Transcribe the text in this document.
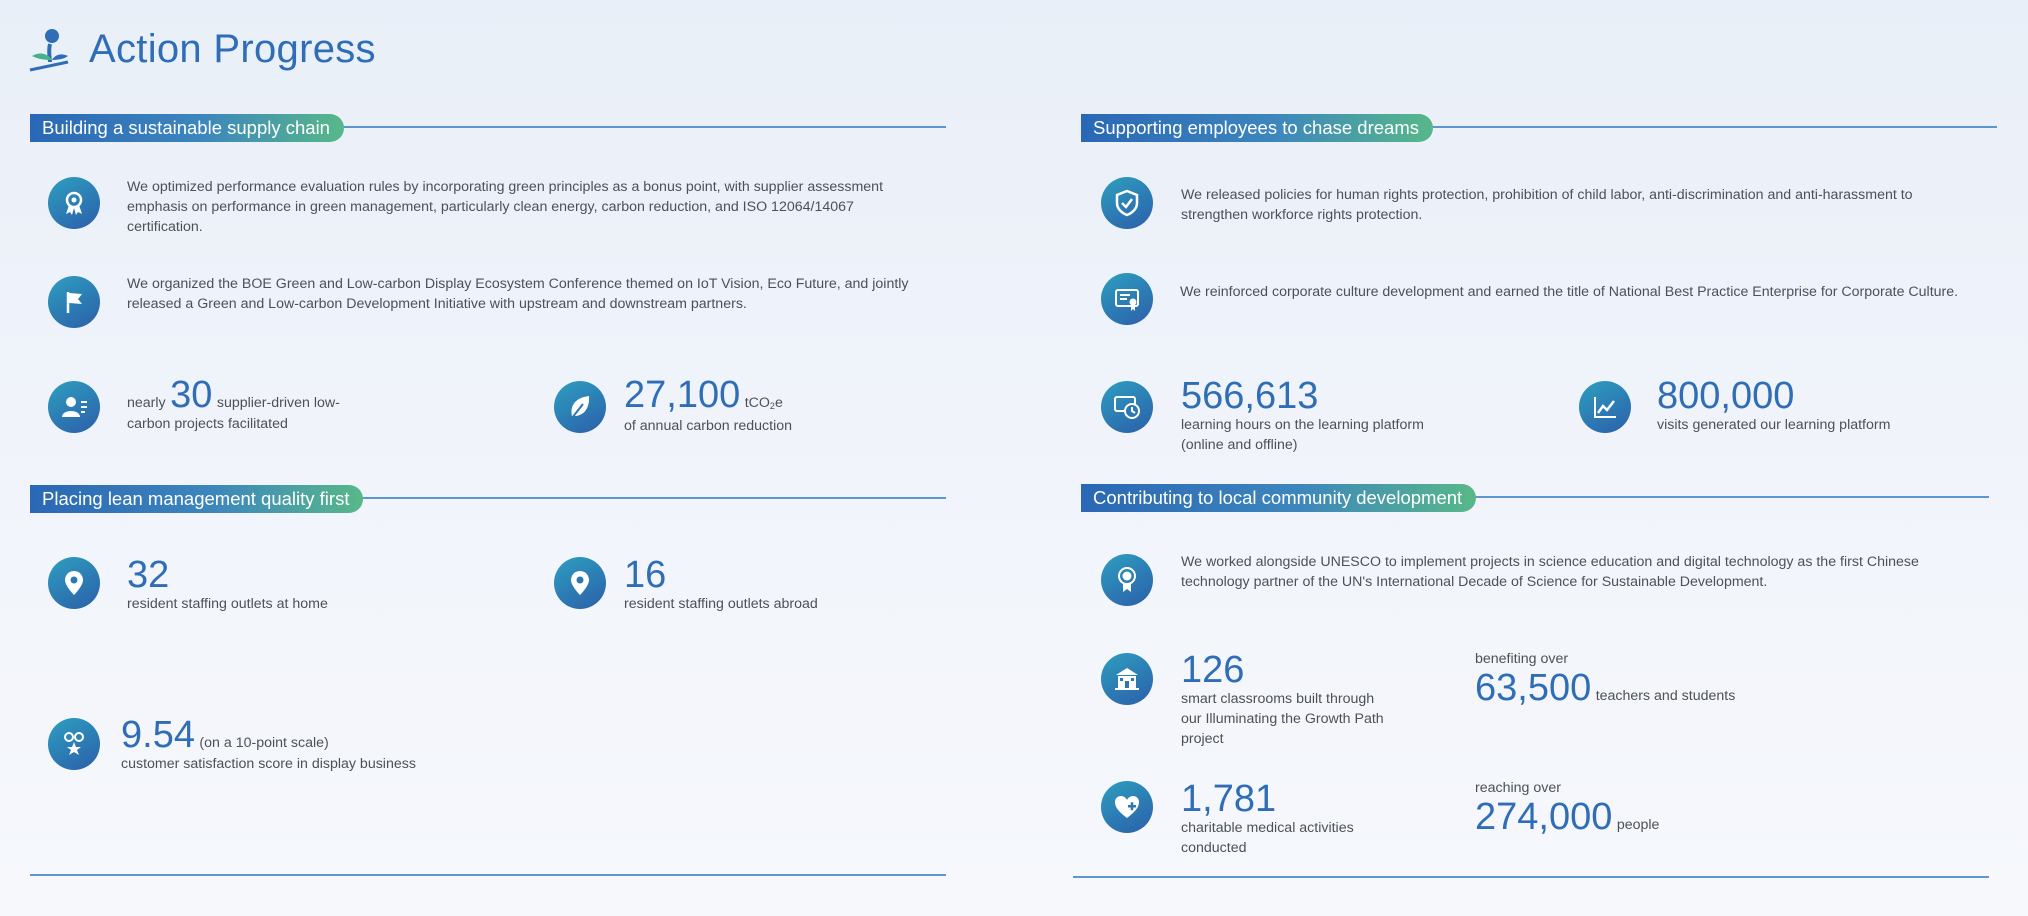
Action Progress
Building a sustainable supply chain
We optimized performance evaluation rules by incorporating green principles as a bonus point, with supplier assessment emphasis on performance in green management, particularly clean energy, carbon reduction, and ISO 12064/14067 certification.
We organized the BOE Green and Low-carbon Display Ecosystem Conference themed on IoT Vision, Eco Future, and jointly released a Green and Low-carbon Development Initiative with upstream and downstream partners.
nearly 30 supplier-driven low-
carbon projects facilitated
27,100 tCO$_2$e
of annual carbon reduction
Placing lean management quality first
32
resident staffing outlets at home
16
resident staffing outlets abroad
9.54 (on a 10-point scale)
customer satisfaction score in display business
Supporting employees to chase dreams
We released policies for human rights protection, prohibition of child labor, anti-discrimination and anti-harassment to strengthen workforce rights protection.
We reinforced corporate culture development and earned the title of National Best Practice Enterprise for Corporate Culture.
566,613
learning hours on the learning platform
(online and offline)
800,000
visits generated our learning platform
Contributing to local community development
We worked alongside UNESCO to implement projects in science education and digital technology as the first Chinese technology partner of the UN's International Decade of Science for Sustainable Development.
126
smart classrooms built through
our Illuminating the Growth Path
project
benefiting over
63,500 teachers and students
1,781
charitable medical activities
conducted
reaching over
274,000 people
